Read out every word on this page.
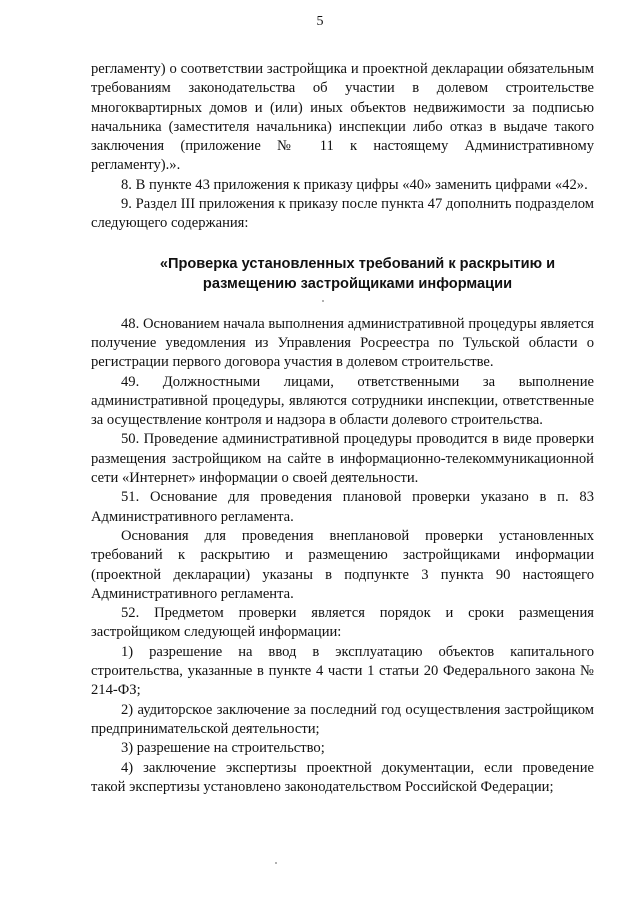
5

регламенту) о соответствии застройщика и проектной декларации обязательным требованиям законодательства об участии в долевом строительстве многоквартирных домов и (или) иных объектов недвижимости за подписью начальника (заместителя начальника) инспекции либо отказ в выдаче такого заключения (приложение № 11 к настоящему Административному регламенту).».

8. В пункте 43 приложения к приказу цифры «40» заменить цифрами «42».

9. Раздел III приложения к приказу после пункта 47 дополнить подразделом следующего содержания:

«Проверка установленных требований к раскрытию и размещению застройщиками информации

48. Основанием начала выполнения административной процедуры является получение уведомления из Управления Росреестра по Тульской области о регистрации первого договора участия в долевом строительстве.

49. Должностными лицами, ответственными за выполнение административной процедуры, являются сотрудники инспекции, ответственные за осуществление контроля и надзора в области долевого строительства.

50. Проведение административной процедуры проводится в виде проверки размещения застройщиком на сайте в информационно-телекоммуникационной сети «Интернет» информации о своей деятельности.

51. Основание для проведения плановой проверки указано в п. 83 Административного регламента.

Основания для проведения внеплановой проверки установленных требований к раскрытию и размещению застройщиками информации (проектной декларации) указаны в подпункте 3 пункта 90 настоящего Административного регламента.

52. Предметом проверки является порядок и сроки размещения застройщиком следующей информации:

1) разрешение на ввод в эксплуатацию объектов капитального строительства, указанные в пункте 4 части 1 статьи 20 Федерального закона № 214-ФЗ;

2) аудиторское заключение за последний год осуществления застройщиком предпринимательской деятельности;

3) разрешение на строительство;

4) заключение экспертизы проектной документации, если проведение такой экспертизы установлено законодательством Российской Федерации;
